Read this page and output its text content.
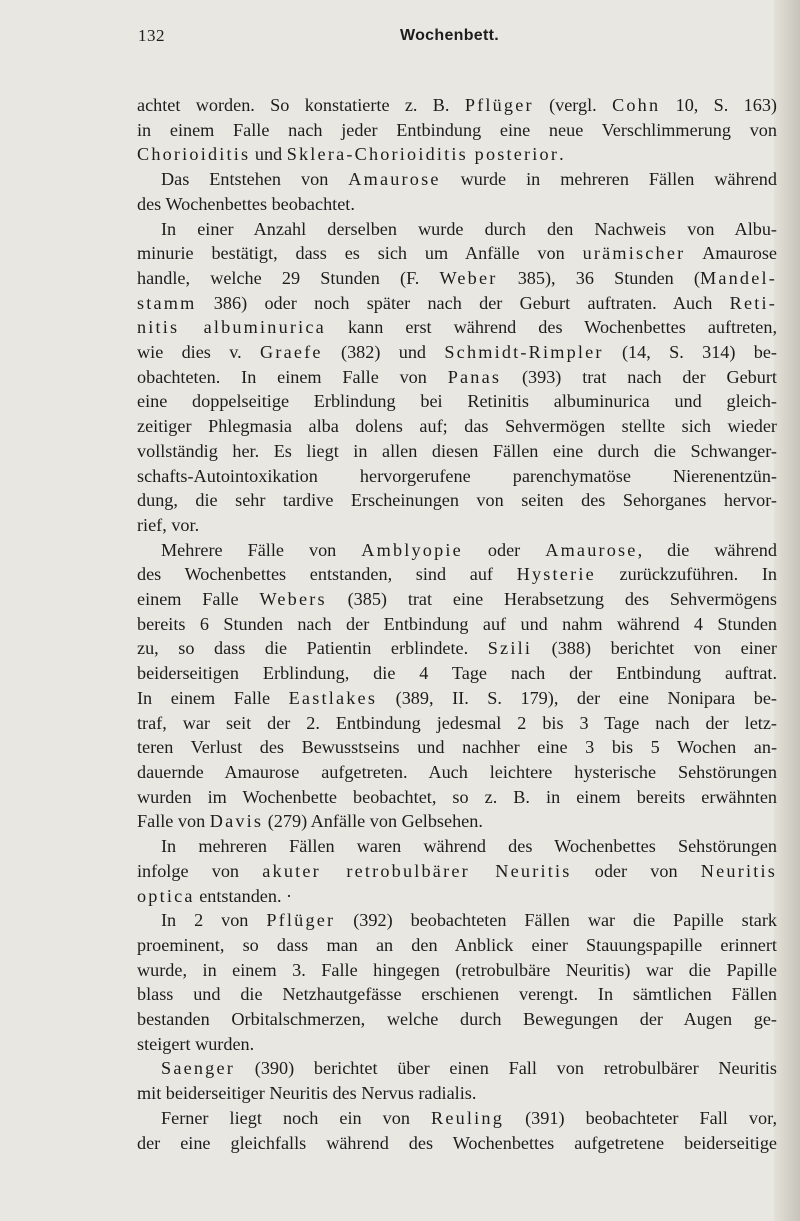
132	Wochenbett.
achtet worden. So konstatierte z. B. Pflüger (vergl. Cohn 10, S. 163)
in einem Falle nach jeder Entbindung eine neue Verschlimmerung von
Chorioiditis und Sklera-Chorioiditis posterior.
Das Entstehen von Amaurose wurde in mehreren Fällen während
des Wochenbettes beobachtet.
In einer Anzahl derselben wurde durch den Nachweis von Albu-
minurie bestätigt, dass es sich um Anfälle von urämischer Amaurose
handle, welche 29 Stunden (F. Weber 385), 36 Stunden (Mandel-
stamm 386) oder noch später nach der Geburt auftraten. Auch Reti-
nitis albuminurica kann erst während des Wochenbettes auftreten,
wie dies v. Graefe (382) und Schmidt-Rimpler (14, S. 314) be-
obachteten. In einem Falle von Panas (393) trat nach der Geburt
eine doppelseitige Erblindung bei Retinitis albuminurica und gleich-
zeitiger Phlegmasia alba dolens auf; das Sehvermögen stellte sich wieder
vollständig her. Es liegt in allen diesen Fällen eine durch die Schwanger-
schafts-Autointoxikation hervorgerufene parenchymatöse Nierenentzün-
dung, die sehr tardive Erscheinungen von seiten des Sehorganes hervor-
rief, vor.
Mehrere Fälle von Amblyopie oder Amaurose, die während
des Wochenbettes entstanden, sind auf Hysterie zurückzuführen. In
einem Falle Webers (385) trat eine Herabsetzung des Sehvermögens
bereits 6 Stunden nach der Entbindung auf und nahm während 4 Stunden
zu, so dass die Patientin erblindete. Szili (388) berichtet von einer
beiderseitigen Erblindung, die 4 Tage nach der Entbindung auftrat.
In einem Falle Eastlakes (389, II. S. 179), der eine Nonipara be-
traf, war seit der 2. Entbindung jedesmal 2 bis 3 Tage nach der letz-
teren Verlust des Bewusstseins und nachher eine 3 bis 5 Wochen an-
dauernde Amaurose aufgetreten. Auch leichtere hysterische Sehstörungen
wurden im Wochenbette beobachtet, so z. B. in einem bereits erwähnten
Falle von Davis (279) Anfälle von Gelbsehen.
In mehreren Fällen waren während des Wochenbettes Sehstörungen
infolge von akuter retrobulbärer Neuritis oder von Neuritis
optica entstanden. ·
In 2 von Pflüger (392) beobachteten Fällen war die Papille stark
proeminent, so dass man an den Anblick einer Stauungspapille erinnert
wurde, in einem 3. Falle hingegen (retrobulbäre Neuritis) war die Papille
blass und die Netzhautgefässe erschienen verengt. In sämtlichen Fällen
bestanden Orbitalschmerzen, welche durch Bewegungen der Augen ge-
steigert wurden.
Saenger (390) berichtet über einen Fall von retrobulbärer Neuritis
mit beiderseitiger Neuritis des Nervus radialis.
Ferner liegt noch ein von Reuling (391) beobachteter Fall vor,
der eine gleichfalls während des Wochenbettes aufgetretene beiderseitige
